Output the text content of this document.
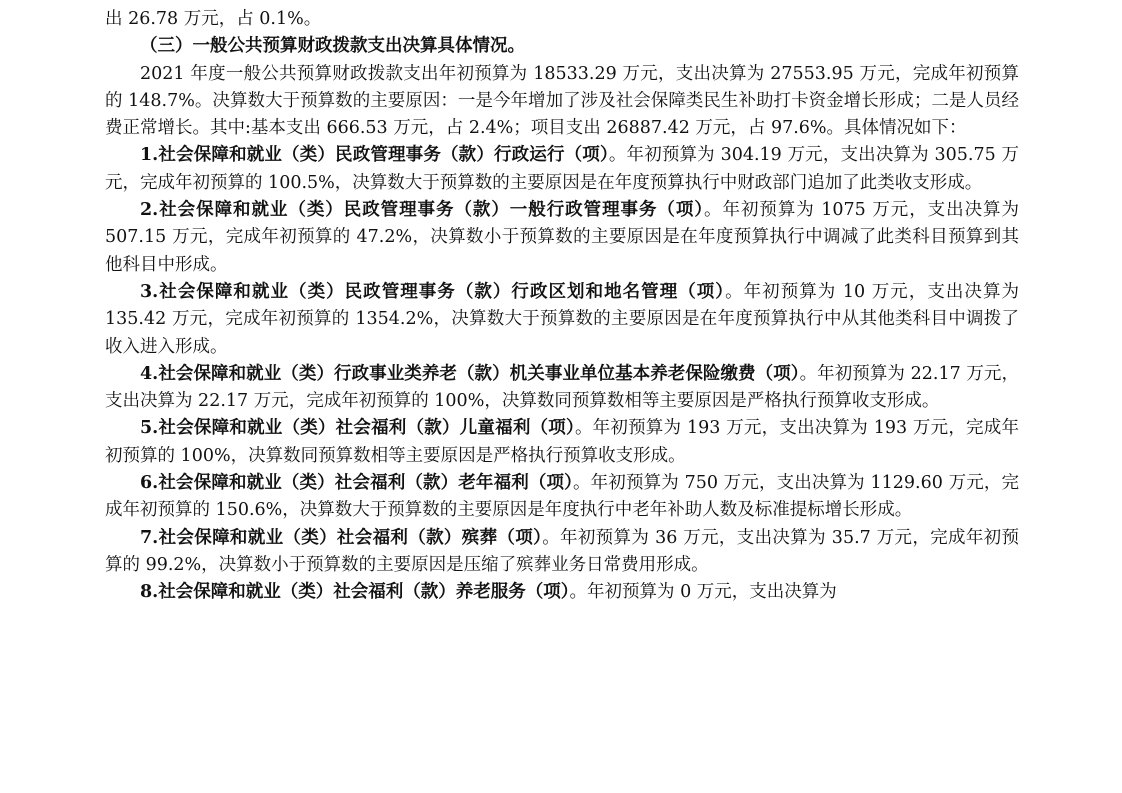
出 26.78 万元，占 0.1%。

（三）一般公共预算财政拨款支出决算具体情况。

2021 年度一般公共预算财政拨款支出年初预算为 18533.29 万元，支出决算为 27553.95 万元，完成年初预算的 148.7%。决算数大于预算数的主要原因：一是今年增加了涉及社会保障类民生补助打卡资金增长形成；二是人员经费正常增长。其中:基本支出 666.53 万元，占 2.4%；项目支出 26887.42 万元，占 97.6%。具体情况如下：

1.社会保障和就业（类）民政管理事务（款）行政运行（项）。年初预算为 304.19 万元，支出决算为 305.75 万元，完成年初预算的 100.5%，决算数大于预算数的主要原因是在年度预算执行中财政部门追加了此类收支形成。

2.社会保障和就业（类）民政管理事务（款）一般行政管理事务（项）。年初预算为 1075 万元，支出决算为 507.15 万元，完成年初预算的 47.2%，决算数小于预算数的主要原因是在年度预算执行中调减了此类科目预算到其他科目中形成。

3.社会保障和就业（类）民政管理事务（款）行政区划和地名管理（项）。年初预算为 10 万元，支出决算为 135.42 万元，完成年初预算的 1354.2%，决算数大于预算数的主要原因是在年度预算执行中从其他类科目中调拨了收入进入形成。

4.社会保障和就业（类）行政事业类养老（款）机关事业单位基本养老保险缴费（项）。年初预算为 22.17 万元，支出决算为 22.17 万元，完成年初预算的 100%，决算数同预算数相等主要原因是严格执行预算收支形成。

5.社会保障和就业（类）社会福利（款）儿童福利（项）。年初预算为 193 万元，支出决算为 193 万元，完成年初预算的 100%，决算数同预算数相等主要原因是严格执行预算收支形成。

6.社会保障和就业（类）社会福利（款）老年福利（项）。年初预算为 750 万元，支出决算为 1129.60 万元，完成年初预算的 150.6%，决算数大于预算数的主要原因是年度执行中老年补助人数及标准提标增长形成。

7.社会保障和就业（类）社会福利（款）殡葬（项）。年初预算为 36 万元，支出决算为 35.7 万元，完成年初预算的 99.2%，决算数小于预算数的主要原因是压缩了殡葬业务日常费用形成。

8.社会保障和就业（类）社会福利（款）养老服务（项）。年初预算为 0 万元，支出决算为
